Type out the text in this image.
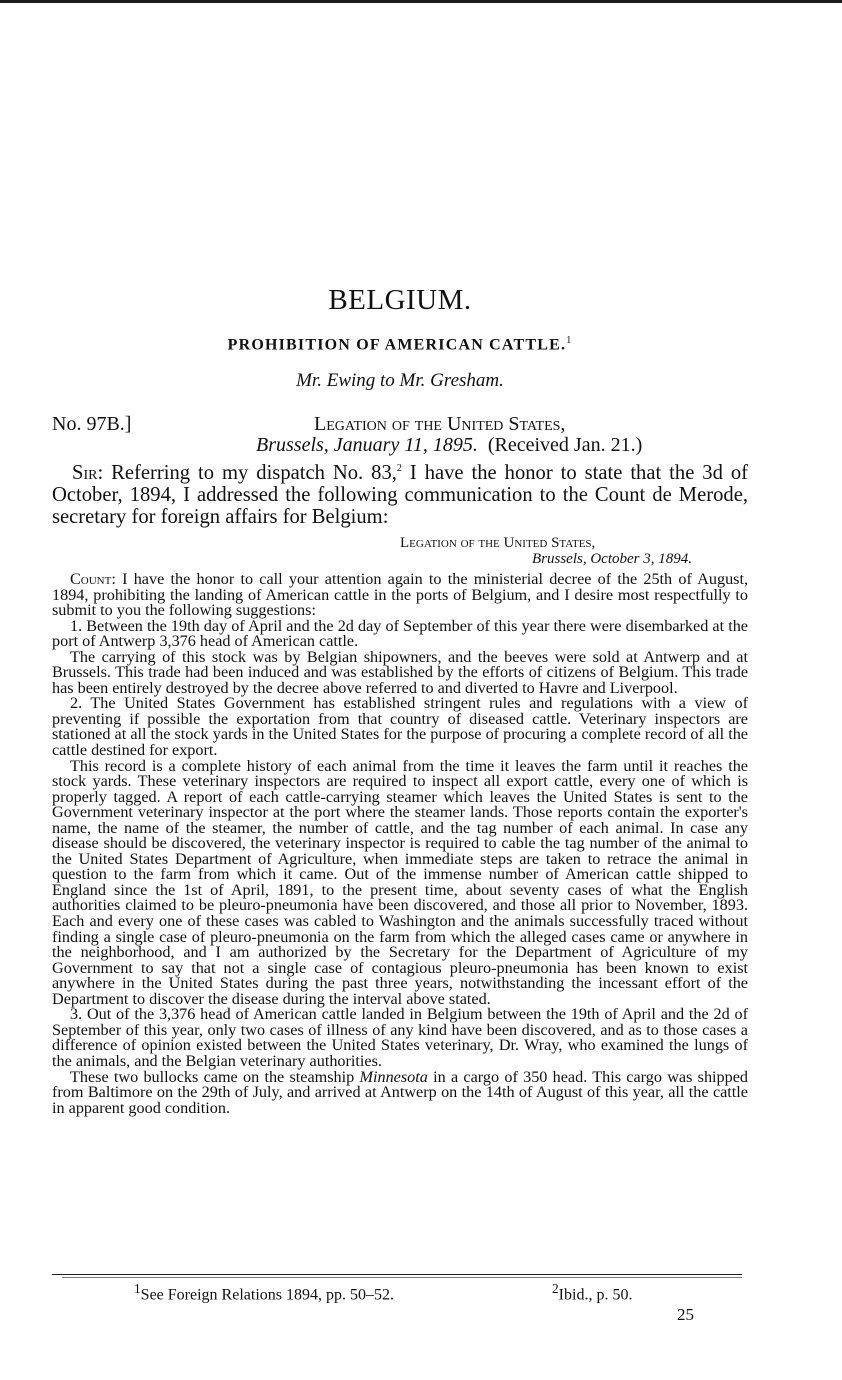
BELGIUM.
PROHIBITION OF AMERICAN CATTLE.$^1$
Mr. Ewing to Mr. Gresham.
No. 97B.]	Legation of the United States,
Brussels, January 11, 1895. (Received Jan. 21.)

Sir: Referring to my dispatch No. 83,$^2$ I have the honor to state that the 3d of October, 1894, I addressed the following communication to the Count de Merode, secretary for foreign affairs for Belgium:

Legation of the United States,
Brussels, October 3, 1894.

Count: I have the honor to call your attention again to the ministerial decree of the 25th of August, 1894, prohibiting the landing of American cattle in the ports of Belgium, and I desire most respectfully to submit to you the following suggestions:

1. Between the 19th day of April and the 2d day of September of this year there were disembarked at the port of Antwerp 3,376 head of American cattle.

The carrying of this stock was by Belgian shipowners, and the beeves were sold at Antwerp and at Brussels. This trade had been induced and was established by the efforts of citizens of Belgium. This trade has been entirely destroyed by the decree above referred to and diverted to Havre and Liverpool.

2. The United States Government has established stringent rules and regulations with a view of preventing if possible the exportation from that country of diseased cattle. Veterinary inspectors are stationed at all the stock yards in the United States for the purpose of procuring a complete record of all the cattle destined for export.

This record is a complete history of each animal from the time it leaves the farm until it reaches the stock yards. These veterinary inspectors are required to inspect all export cattle, every one of which is properly tagged. A report of each cattle-carrying steamer which leaves the United States is sent to the Government veterinary inspector at the port where the steamer lands. Those reports contain the exporter's name, the name of the steamer, the number of cattle, and the tag number of each animal. In case any disease should be discovered, the veterinary inspector is required to cable the tag number of the animal to the United States Department of Agriculture, when immediate steps are taken to retrace the animal in question to the farm from which it came. Out of the immense number of American cattle shipped to England since the 1st of April, 1891, to the present time, about seventy cases of what the English authorities claimed to be pleuro-pneumonia have been discovered, and those all prior to November, 1893. Each and every one of these cases was cabled to Washington and the animals successfully traced without finding a single case of pleuro-pneumonia on the farm from which the alleged cases came or anywhere in the neighborhood, and I am authorized by the Secretary for the Department of Agriculture of my Government to say that not a single case of contagious pleuro-pneumonia has been known to exist anywhere in the United States during the past three years, notwithstanding the incessant effort of the Department to discover the disease during the interval above stated.

3. Out of the 3,376 head of American cattle landed in Belgium between the 19th of April and the 2d of September of this year, only two cases of illness of any kind have been discovered, and as to those cases a difference of opinion existed between the United States veterinary, Dr. Wray, who examined the lungs of the animals, and the Belgian veterinary authorities.

These two bullocks came on the steamship Minnesota in a cargo of 350 head. This cargo was shipped from Baltimore on the 29th of July, and arrived at Antwerp on the 14th of August of this year, all the cattle in apparent good condition.

$^1$See Foreign Relations 1894, pp. 50–52.	$^2$Ibid., p. 50.
25
